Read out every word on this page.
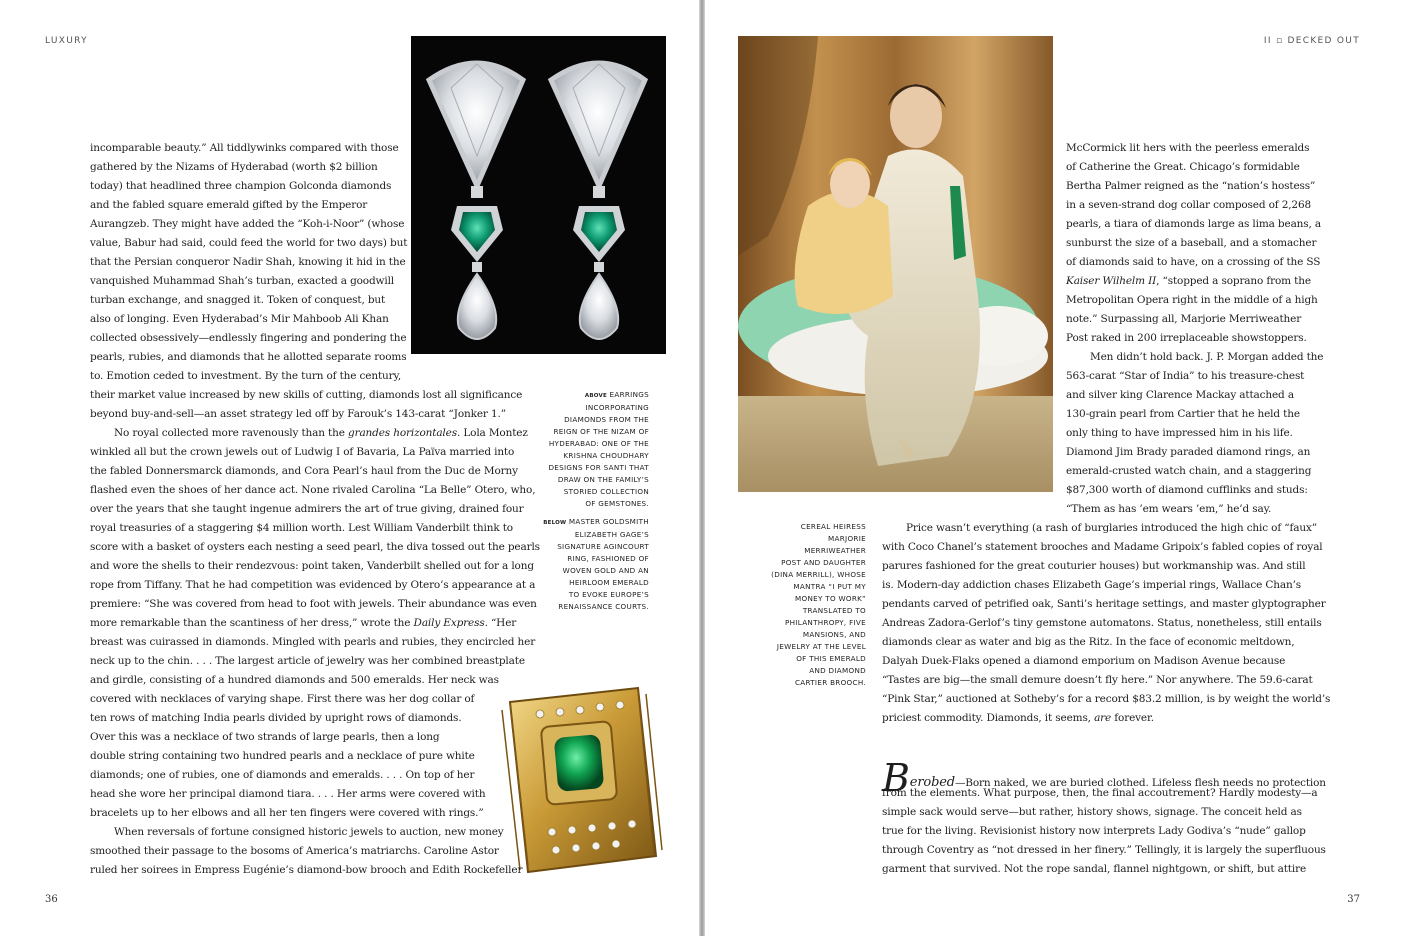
LUXURY
incomparable beauty.” All tiddlywinks compared with those
gathered by the Nizams of Hyderabad (worth $2 billion
today) that headlined three champion Golconda diamonds
and the fabled square emerald gifted by the Emperor
Aurangzeb. They might have added the “Koh-i-Noor” (whose
value, Babur had said, could feed the world for two days) but
that the Persian conqueror Nadir Shah, knowing it hid in the
vanquished Muhammad Shah’s turban, exacted a goodwill
turban exchange, and snagged it. Token of conquest, but
also of longing. Even Hyderabad’s Mir Mahboob Ali Khan
collected obsessively—endlessly fingering and pondering the
pearls, rubies, and diamonds that he allotted separate rooms
to. Emotion ceded to investment. By the turn of the century,
their market value increased by new skills of cutting, diamonds lost all significance
beyond buy-and-sell—an asset strategy led off by Farouk’s 143-carat “Jonker 1.”
No royal collected more ravenously than the grandes horizontales. Lola Montez
winkled all but the crown jewels out of Ludwig I of Bavaria, La Païva married into
the fabled Donnersmarck diamonds, and Cora Pearl’s haul from the Duc de Morny
flashed even the shoes of her dance act. None rivaled Carolina “La Belle” Otero, who,
over the years that she taught ingenue admirers the art of true giving, drained four
royal treasuries of a staggering $4 million worth. Lest William Vanderbilt think to
score with a basket of oysters each nesting a seed pearl, the diva tossed out the pearls
and wore the shells to their rendezvous: point taken, Vanderbilt shelled out for a long
rope from Tiffany. That he had competition was evidenced by Otero’s appearance at a
premiere: “She was covered from head to foot with jewels. Their abundance was even
more remarkable than the scantiness of her dress,” wrote the Daily Express. “Her
breast was cuirassed in diamonds. Mingled with pearls and rubies, they encircled her
neck up to the chin. . . . The largest article of jewelry was her combined breastplate
and girdle, consisting of a hundred diamonds and 500 emeralds. Her neck was
covered with necklaces of varying shape. First there was her dog collar of
ten rows of matching India pearls divided by upright rows of diamonds.
Over this was a necklace of two strands of large pearls, then a long
double string containing two hundred pearls and a necklace of pure white
diamonds; one of rubies, one of diamonds and emeralds. . . . On top of her
head she wore her principal diamond tiara. . . . Her arms were covered with
bracelets up to her elbows and all her ten fingers were covered with rings.”
When reversals of fortune consigned historic jewels to auction, new money
smoothed their passage to the bosoms of America’s matriarchs. Caroline Astor
ruled her soirees in Empress Eugénie’s diamond-bow brooch and Edith Rockefeller
ABOVE EARRINGS
INCORPORATING
DIAMONDS FROM THE
REIGN OF THE NIZAM OF
HYDERABAD: ONE OF THE
KRISHNA CHOUDHARY
DESIGNS FOR SANTI THAT
DRAW ON THE FAMILY’S
STORIED COLLECTION
OF GEMSTONES.
BELOW MASTER GOLDSMITH
ELIZABETH GAGE’S
SIGNATURE AGINCOURT
RING, FASHIONED OF
WOVEN GOLD AND AN
HEIRLOOM EMERALD
TO EVOKE EUROPE’S
RENAISSANCE COURTS.
36
II ▫ DECKED OUT
McCormick lit hers with the peerless emeralds
of Catherine the Great. Chicago’s formidable
Bertha Palmer reigned as the “nation’s hostess”
in a seven-strand dog collar composed of 2,268
pearls, a tiara of diamonds large as lima beans, a
sunburst the size of a baseball, and a stomacher
of diamonds said to have, on a crossing of the SS
Kaiser Wilhelm II, “stopped a soprano from the
Metropolitan Opera right in the middle of a high
note.” Surpassing all, Marjorie Merriweather
Post raked in 200 irreplaceable showstoppers.
Men didn’t hold back. J. P. Morgan added the
563-carat “Star of India” to his treasure-chest
and silver king Clarence Mackay attached a
130-grain pearl from Cartier that he held the
only thing to have impressed him in his life.
Diamond Jim Brady paraded diamond rings, an
emerald-crusted watch chain, and a staggering
$87,300 worth of diamond cufflinks and studs:
“Them as has ’em wears ’em,” he’d say.
CEREAL HEIRESS
MARJORIE
MERRIWEATHER
POST AND DAUGHTER
(DINA MERRILL), WHOSE
MANTRA “I PUT MY
MONEY TO WORK”
TRANSLATED TO
PHILANTHROPY, FIVE
MANSIONS, AND
JEWELRY AT THE LEVEL
OF THIS EMERALD
AND DIAMOND
CARTIER BROOCH.
Price wasn’t everything (a rash of burglaries introduced the high chic of “faux”
with Coco Chanel’s statement brooches and Madame Gripoix’s fabled copies of royal
parures fashioned for the great couturier houses) but workmanship was. And still
is. Modern-day addiction chases Elizabeth Gage’s imperial rings, Wallace Chan’s
pendants carved of petrified oak, Santi’s heritage settings, and master glyptographer
Andreas Zadora-Gerlof’s tiny gemstone automatons. Status, nonetheless, still entails
diamonds clear as water and big as the Ritz. In the face of economic meltdown,
Dalyah Duek-Flaks opened a diamond emporium on Madison Avenue because
“Tastes are big—the small demure doesn’t fly here.” Nor anywhere. The 59.6-carat
“Pink Star,” auctioned at Sotheby’s for a record $83.2 million, is by weight the world’s
priciest commodity. Diamonds, it seems, are forever.
Berobed—Born naked, we are buried clothed. Lifeless flesh needs no protection
from the elements. What purpose, then, the final accoutrement? Hardly modesty—a
simple sack would serve—but rather, history shows, signage. The conceit held as
true for the living. Revisionist history now interprets Lady Godiva’s “nude” gallop
through Coventry as “not dressed in her finery.” Tellingly, it is largely the superfluous
garment that survived. Not the rope sandal, flannel nightgown, or shift, but attire
37
